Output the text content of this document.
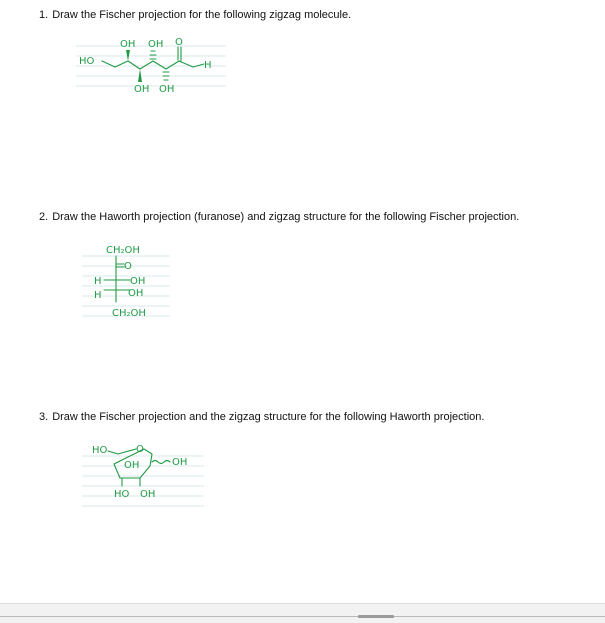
1. Draw the Fischer projection for the following zigzag molecule.
HO
OH OH O
H
OH OH
2. Draw the Haworth projection (furanose) and zigzag structure for the following Fischer projection.
CH₂OH
O
H	OH
H	OH
CH₂OH
3. Draw the Fischer projection and the zigzag structure for the following Haworth projection.
HO	O
OH	OH
HO OH
